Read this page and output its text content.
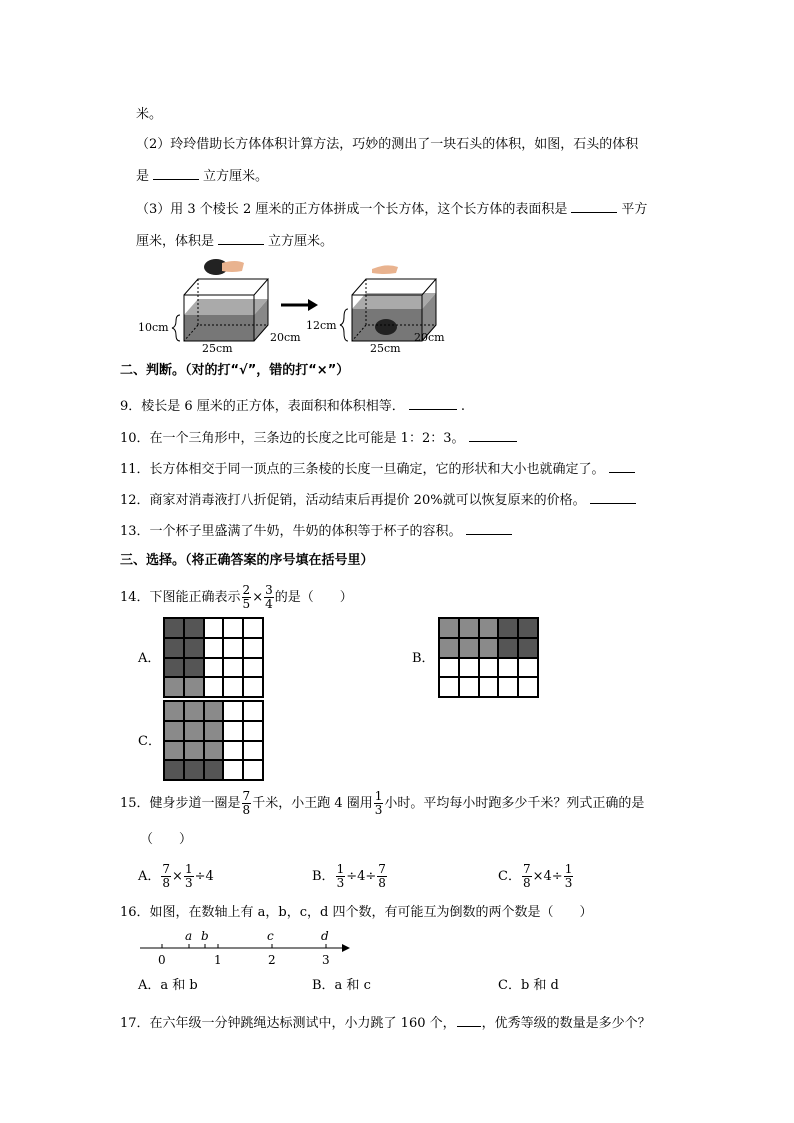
米。
（2）玲玲借助长方体体积计算方法，巧妙的测出了一块石头的体积，如图，石头的体积
是	立方厘米。
（3）用 3 个棱长 2 厘米的正方体拼成一个长方体，这个长方体的表面积是	平方
厘米，体积是	立方厘米。
10cm
20cm
25cm
12cm
20cm
25cm
二、判断。（对的打“√”，错的打“×”）
9．棱长是 6 厘米的正方体，表面积和体积相等．	.
10．在一个三角形中，三条边的长度之比可能是 1：2：3。
11．长方体相交于同一顶点的三条棱的长度一旦确定，它的形状和大小也就确定了。
12．商家对消毒液打八折促销，活动结束后再提价 20%就可以恢复原来的价格。
13．一个杯子里盛满了牛奶，牛奶的体积等于杯子的容积。
三、选择。（将正确答案的序号填在括号里）
14．下图能正确表示 $\frac{2}{5} \times \frac{3}{4}$ 的是（　　）
A．	B．
C．
15．健身步道一圈是 $\frac{7}{8}$ 千米，小王跑 4 圈用 $\frac{1}{3}$ 小时。平均每小时跑多少千米？列式正确的是
（　　）
A． $\frac{7}{8} \times \frac{1}{3} \div 4$	B． $\frac{1}{3} \div 4\div \frac{7}{8}$	C． $\frac{7}{8} \times 4\div \frac{1}{3}$
16．如图，在数轴上有 a，b，c，d 四个数，有可能互为倒数的两个数是（　　）
0	1	2	3
a b	c	d
A．a 和 b	B．a 和 c	C．b 和 d
17．在六年级一分钟跳绳达标测试中，小力跳了 160 个， ，优秀等级的数量是多少个？
